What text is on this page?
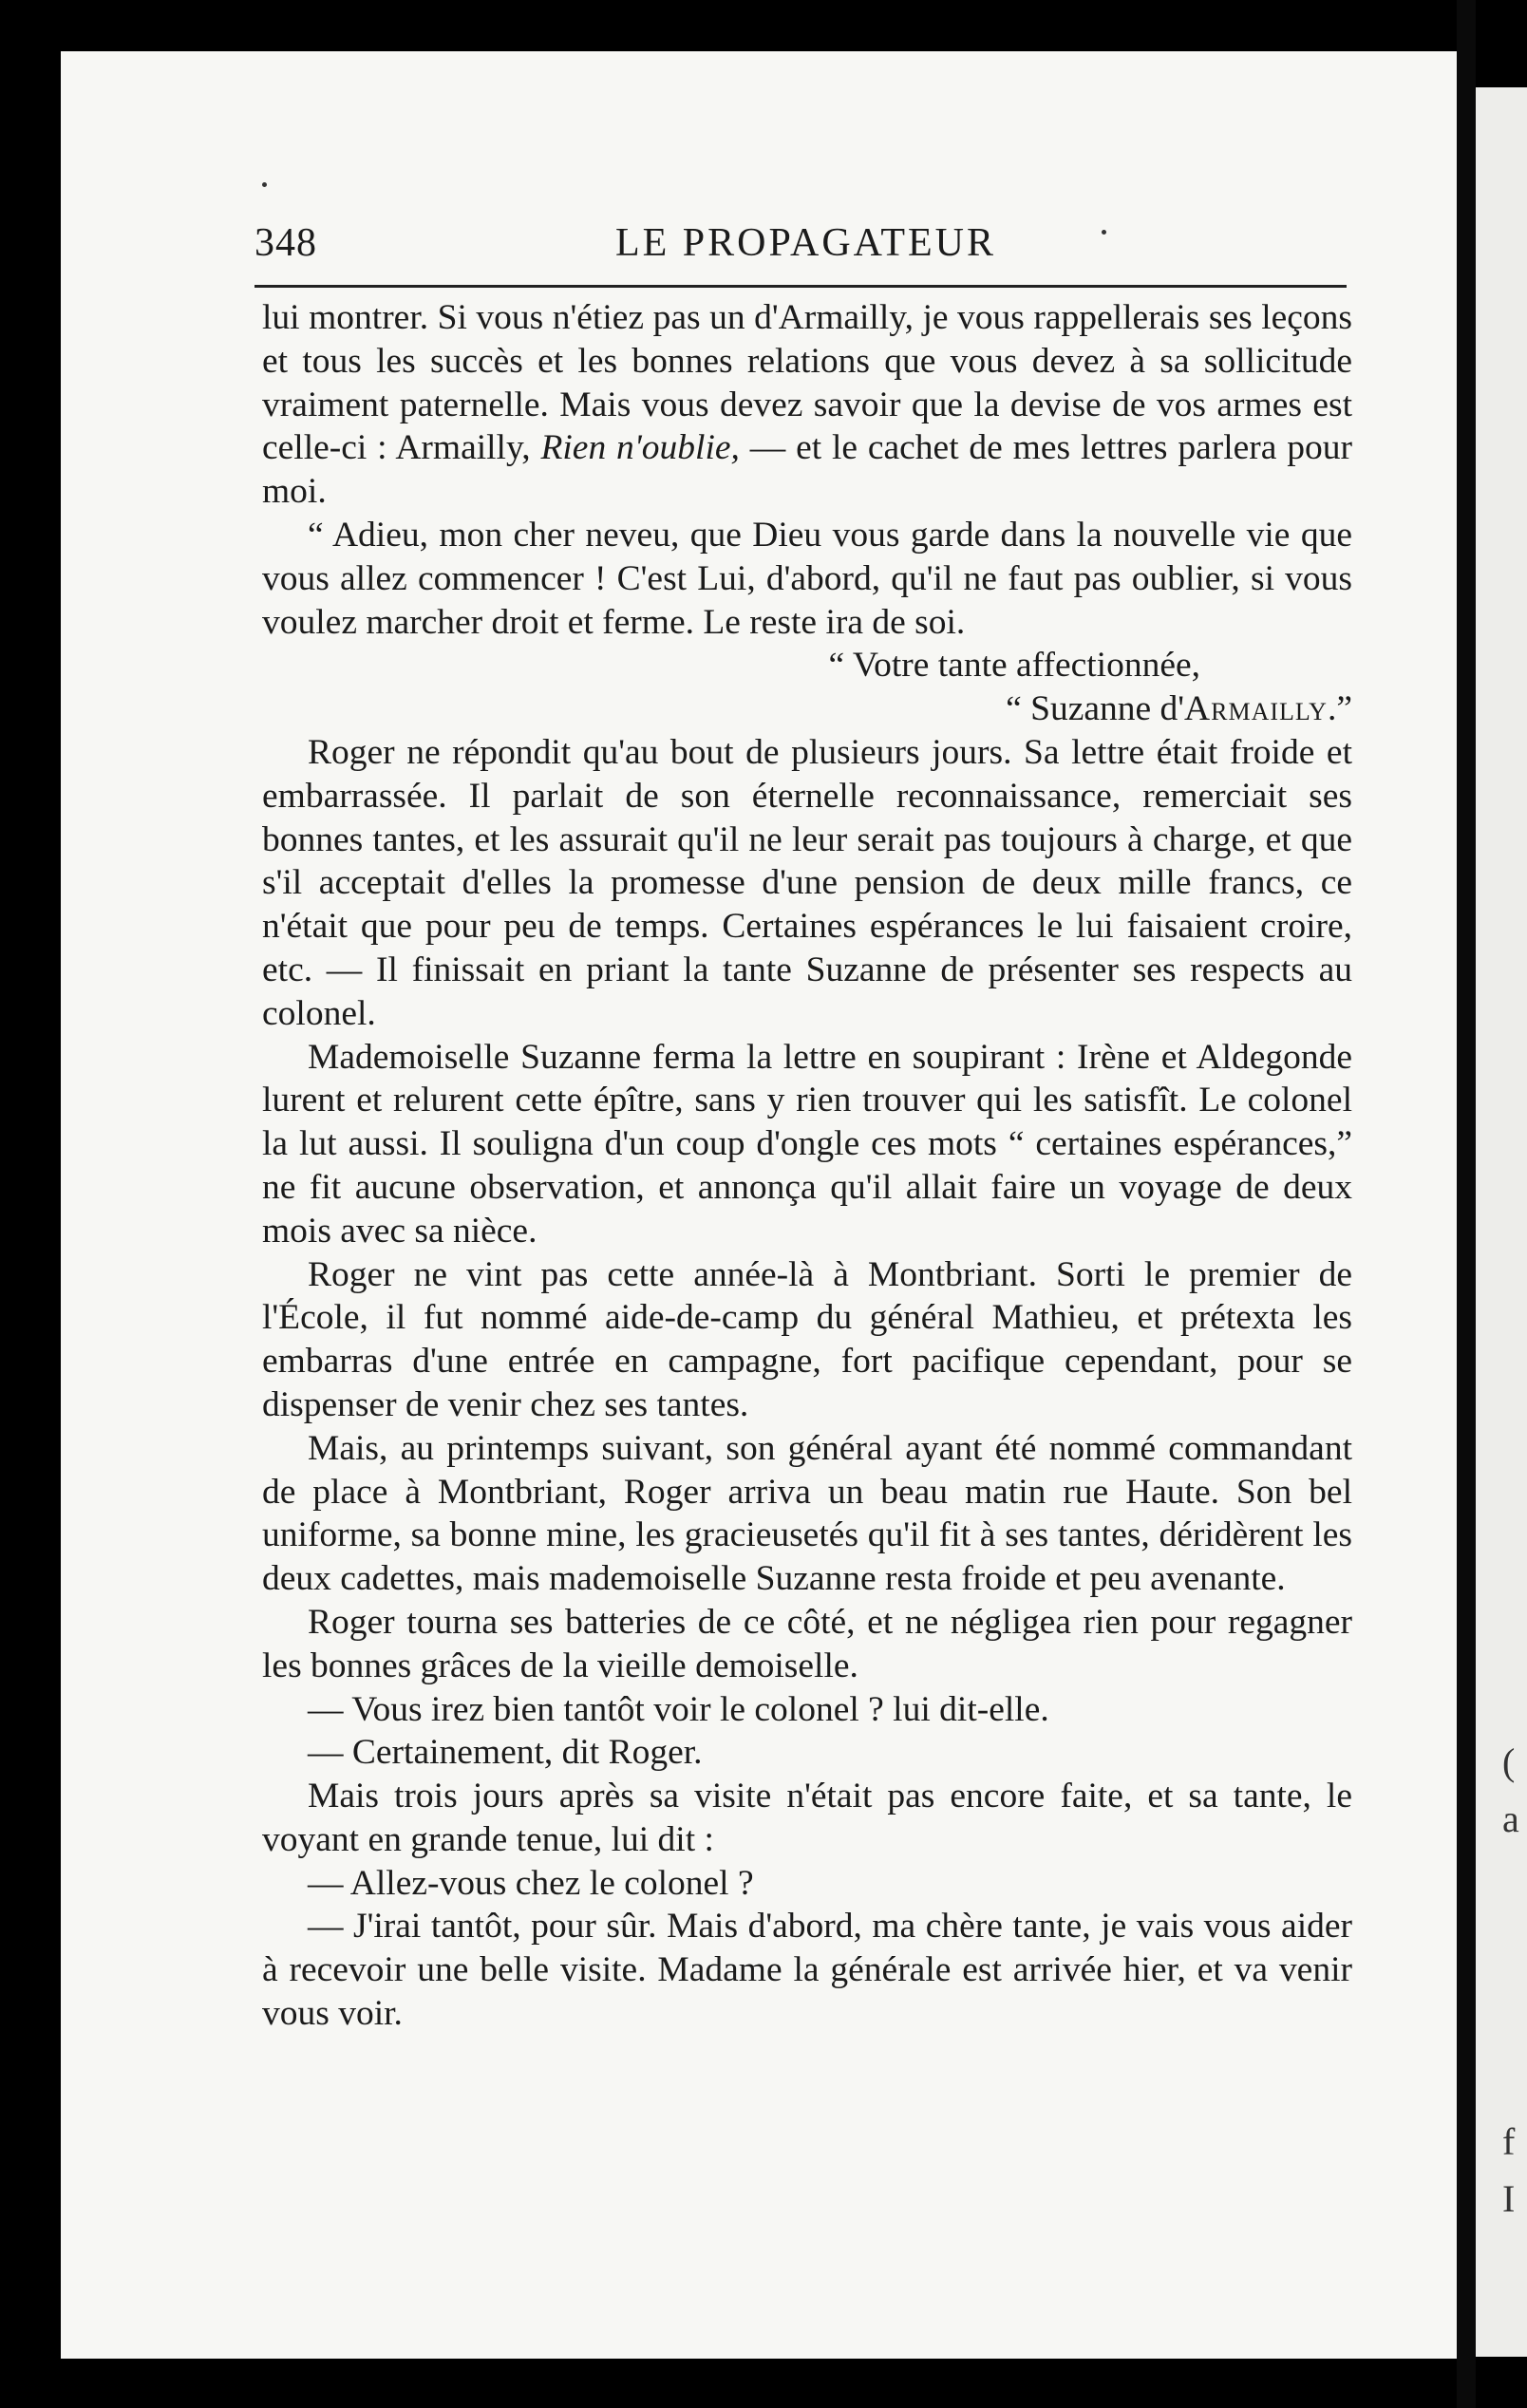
(
a
f
I
348	LE PROPAGATEUR

lui montrer. Si vous n'étiez pas un d'Armailly, je vous rappellerais ses leçons et tous les succès et les bonnes relations que vous devez à sa sollicitude vraiment paternelle. Mais vous devez savoir que la devise de vos armes est celle-ci : Armailly, Rien n'oublie, — et le cachet de mes lettres parlera pour moi.

“ Adieu, mon cher neveu, que Dieu vous garde dans la nouvelle vie que vous allez commencer ! C'est Lui, d'abord, qu'il ne faut pas oublier, si vous voulez marcher droit et ferme. Le reste ira de soi.

“ Votre tante affectionnée,

“ Suzanne d'Armailly.”

Roger ne répondit qu'au bout de plusieurs jours. Sa lettre était froide et embarrassée. Il parlait de son éternelle reconnaissance, remerciait ses bonnes tantes, et les assurait qu'il ne leur serait pas toujours à charge, et que s'il acceptait d'elles la promesse d'une pension de deux mille francs, ce n'était que pour peu de temps. Certaines espérances le lui faisaient croire, etc. — Il finissait en priant la tante Suzanne de présenter ses respects au colonel.

Mademoiselle Suzanne ferma la lettre en soupirant : Irène et Aldegonde lurent et relurent cette épître, sans y rien trouver qui les satisfît. Le colonel la lut aussi. Il souligna d'un coup d'ongle ces mots “ certaines espérances,” ne fit aucune observation, et annonça qu'il allait faire un voyage de deux mois avec sa nièce.

Roger ne vint pas cette année-là à Montbriant. Sorti le premier de l'École, il fut nommé aide-de-camp du général Mathieu, et prétexta les embarras d'une entrée en campagne, fort pacifique cependant, pour se dispenser de venir chez ses tantes.

Mais, au printemps suivant, son général ayant été nommé commandant de place à Montbriant, Roger arriva un beau matin rue Haute. Son bel uniforme, sa bonne mine, les gracieusetés qu'il fit à ses tantes, déridèrent les deux cadettes, mais mademoiselle Suzanne resta froide et peu avenante.

Roger tourna ses batteries de ce côté, et ne négligea rien pour regagner les bonnes grâces de la vieille demoiselle.

— Vous irez bien tantôt voir le colonel ? lui dit-elle.

— Certainement, dit Roger.

Mais trois jours après sa visite n'était pas encore faite, et sa tante, le voyant en grande tenue, lui dit :

— Allez-vous chez le colonel ?

— J'irai tantôt, pour sûr. Mais d'abord, ma chère tante, je vais vous aider à recevoir une belle visite. Madame la générale est arrivée hier, et va venir vous voir.
